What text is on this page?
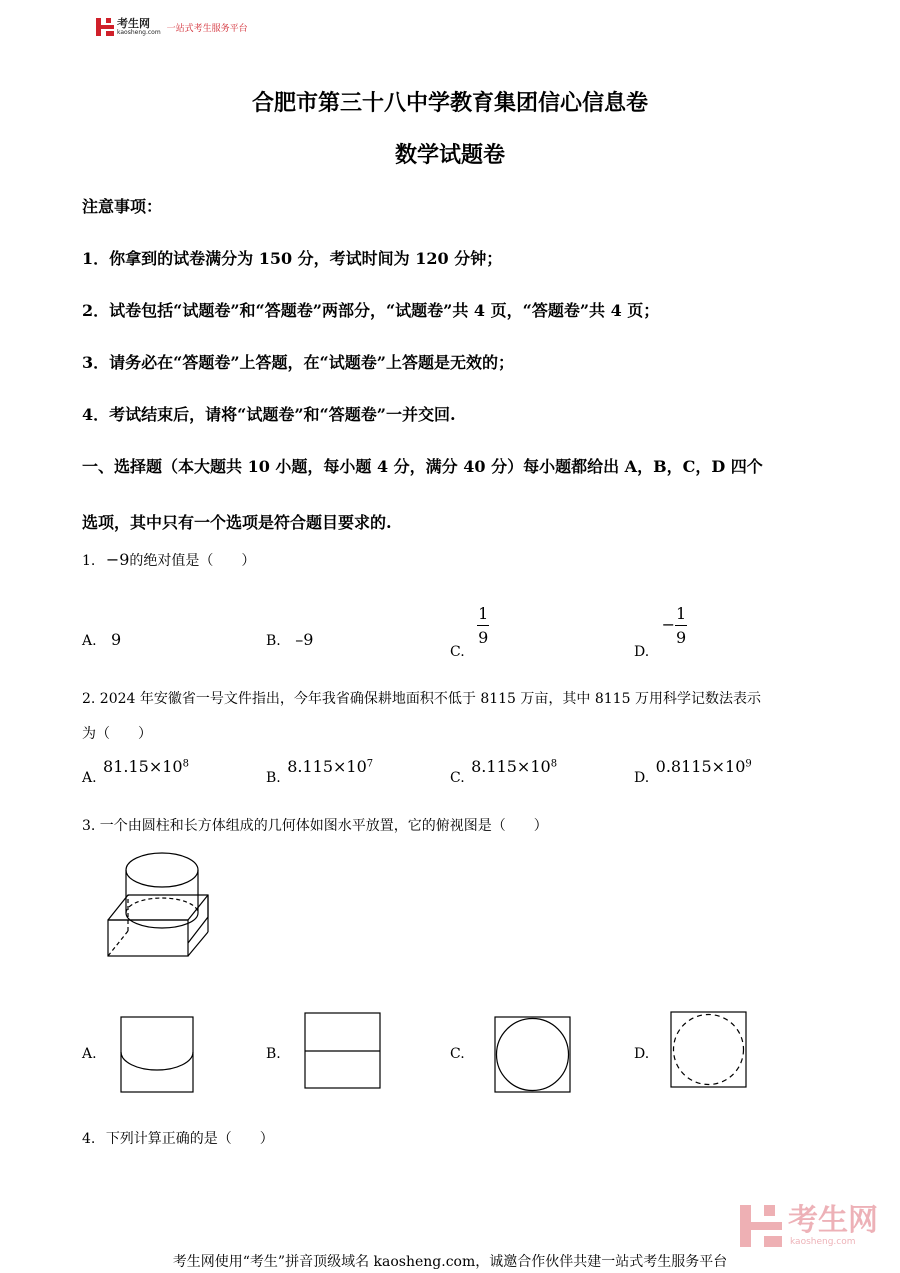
考生网
kaosheng.com 一站式考生服务平台
合肥市第三十八中学教育集团信心信息卷
数学试题卷
注意事项：
1．你拿到的试卷满分为 150 分，考试时间为 120 分钟；
2．试卷包括“试题卷”和“答题卷”两部分，“试题卷”共 4 页，“答题卷”共 4 页；
3．请务必在“答题卷”上答题，在“试题卷”上答题是无效的；
4．考试结束后，请将“试题卷”和“答题卷”一并交回.
一、选择题（本大题共 10 小题，每小题 4 分，满分 40 分）每小题都给出 A，B，C，D 四个
选项，其中只有一个选项是符合题目要求的.
1. −9的绝对值是（　　）
A. 9	B. –9
C.
$\frac{1}{9}$
D. − $\frac{1}{9}$
2. 2024 年安徽省一号文件指出，今年我省确保耕地面积不低于 8115 万亩，其中 8115 万用科学记数法表示
为（　　）
A. $81.15\times 10^8$
B. $8.115\times 10^7$
C. $8.115\times 10^8$
D. $0.8115\times 10^9$
3. 一个由圆柱和长方体组成的几何体如图水平放置，它的俯视图是（　　）
A.	B.	C.	D.
4. 下列计算正确的是（　　）
考生网
kaosheng.com
考生网使用“考生”拼音顶级域名 kaosheng.com，诚邀合作伙伴共建一站式考生服务平台
